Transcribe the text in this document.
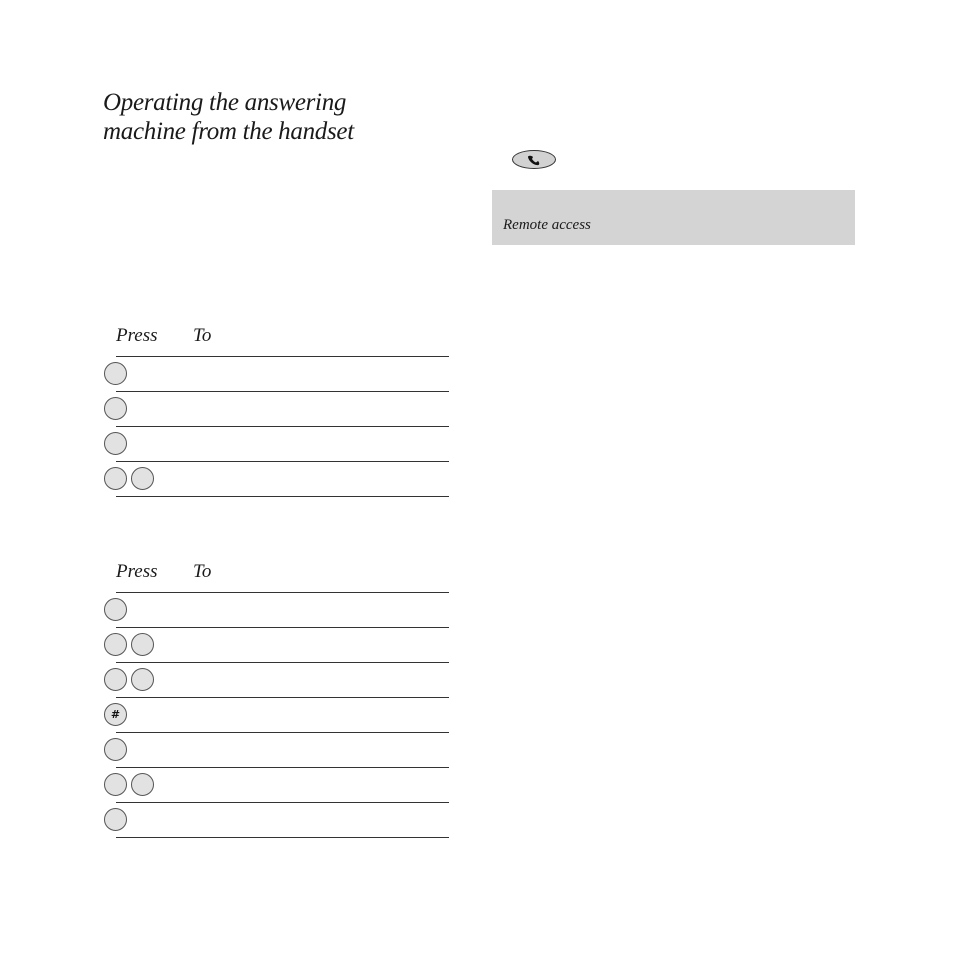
Operating the answering
machine from the handset
Remote access
Press To
Press To
#
